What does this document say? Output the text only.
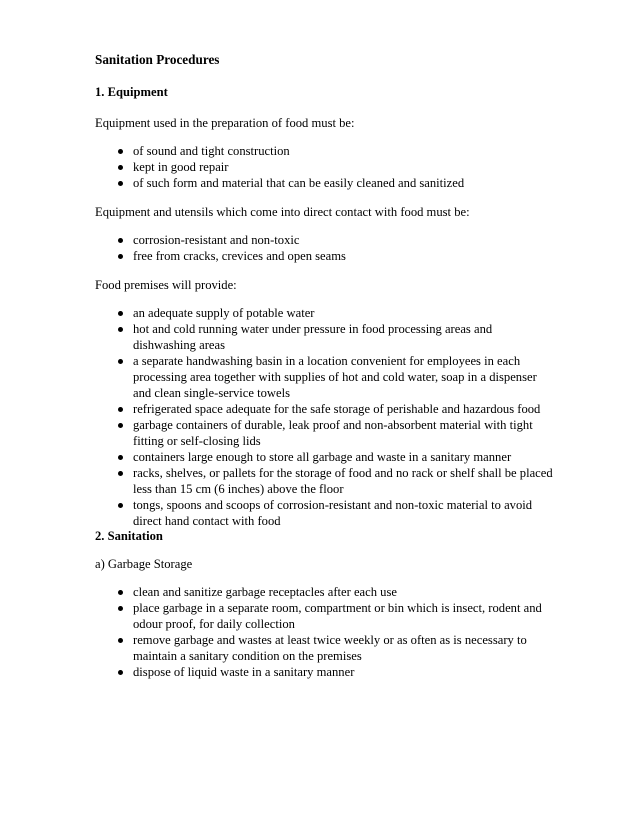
Sanitation Procedures
1. Equipment
Equipment used in the preparation of food must be:
of sound and tight construction
kept in good repair
of such form and material that can be easily cleaned and sanitized
Equipment and utensils which come into direct contact with food must be:
corrosion-resistant and non-toxic
free from cracks, crevices and open seams
Food premises will provide:
an adequate supply of potable water
hot and cold running water under pressure in food processing areas and dishwashing areas
a separate handwashing basin in a location convenient for employees in each processing area together with supplies of hot and cold water, soap in a dispenser and clean single-service towels
refrigerated space adequate for the safe storage of perishable and hazardous food
garbage containers of durable, leak proof and non-absorbent material with tight fitting or self-closing lids
containers large enough to store all garbage and waste in a sanitary manner
racks, shelves, or pallets for the storage of food and no rack or shelf shall be placed less than 15 cm (6 inches) above the floor
tongs, spoons and scoops of corrosion-resistant and non-toxic material to avoid direct hand contact with food
2. Sanitation
a) Garbage Storage
clean and sanitize garbage receptacles after each use
place garbage in a separate room, compartment or bin which is insect, rodent and odour proof, for daily collection
remove garbage and wastes at least twice weekly or as often as is necessary to maintain a sanitary condition on the premises
dispose of liquid waste in a sanitary manner
